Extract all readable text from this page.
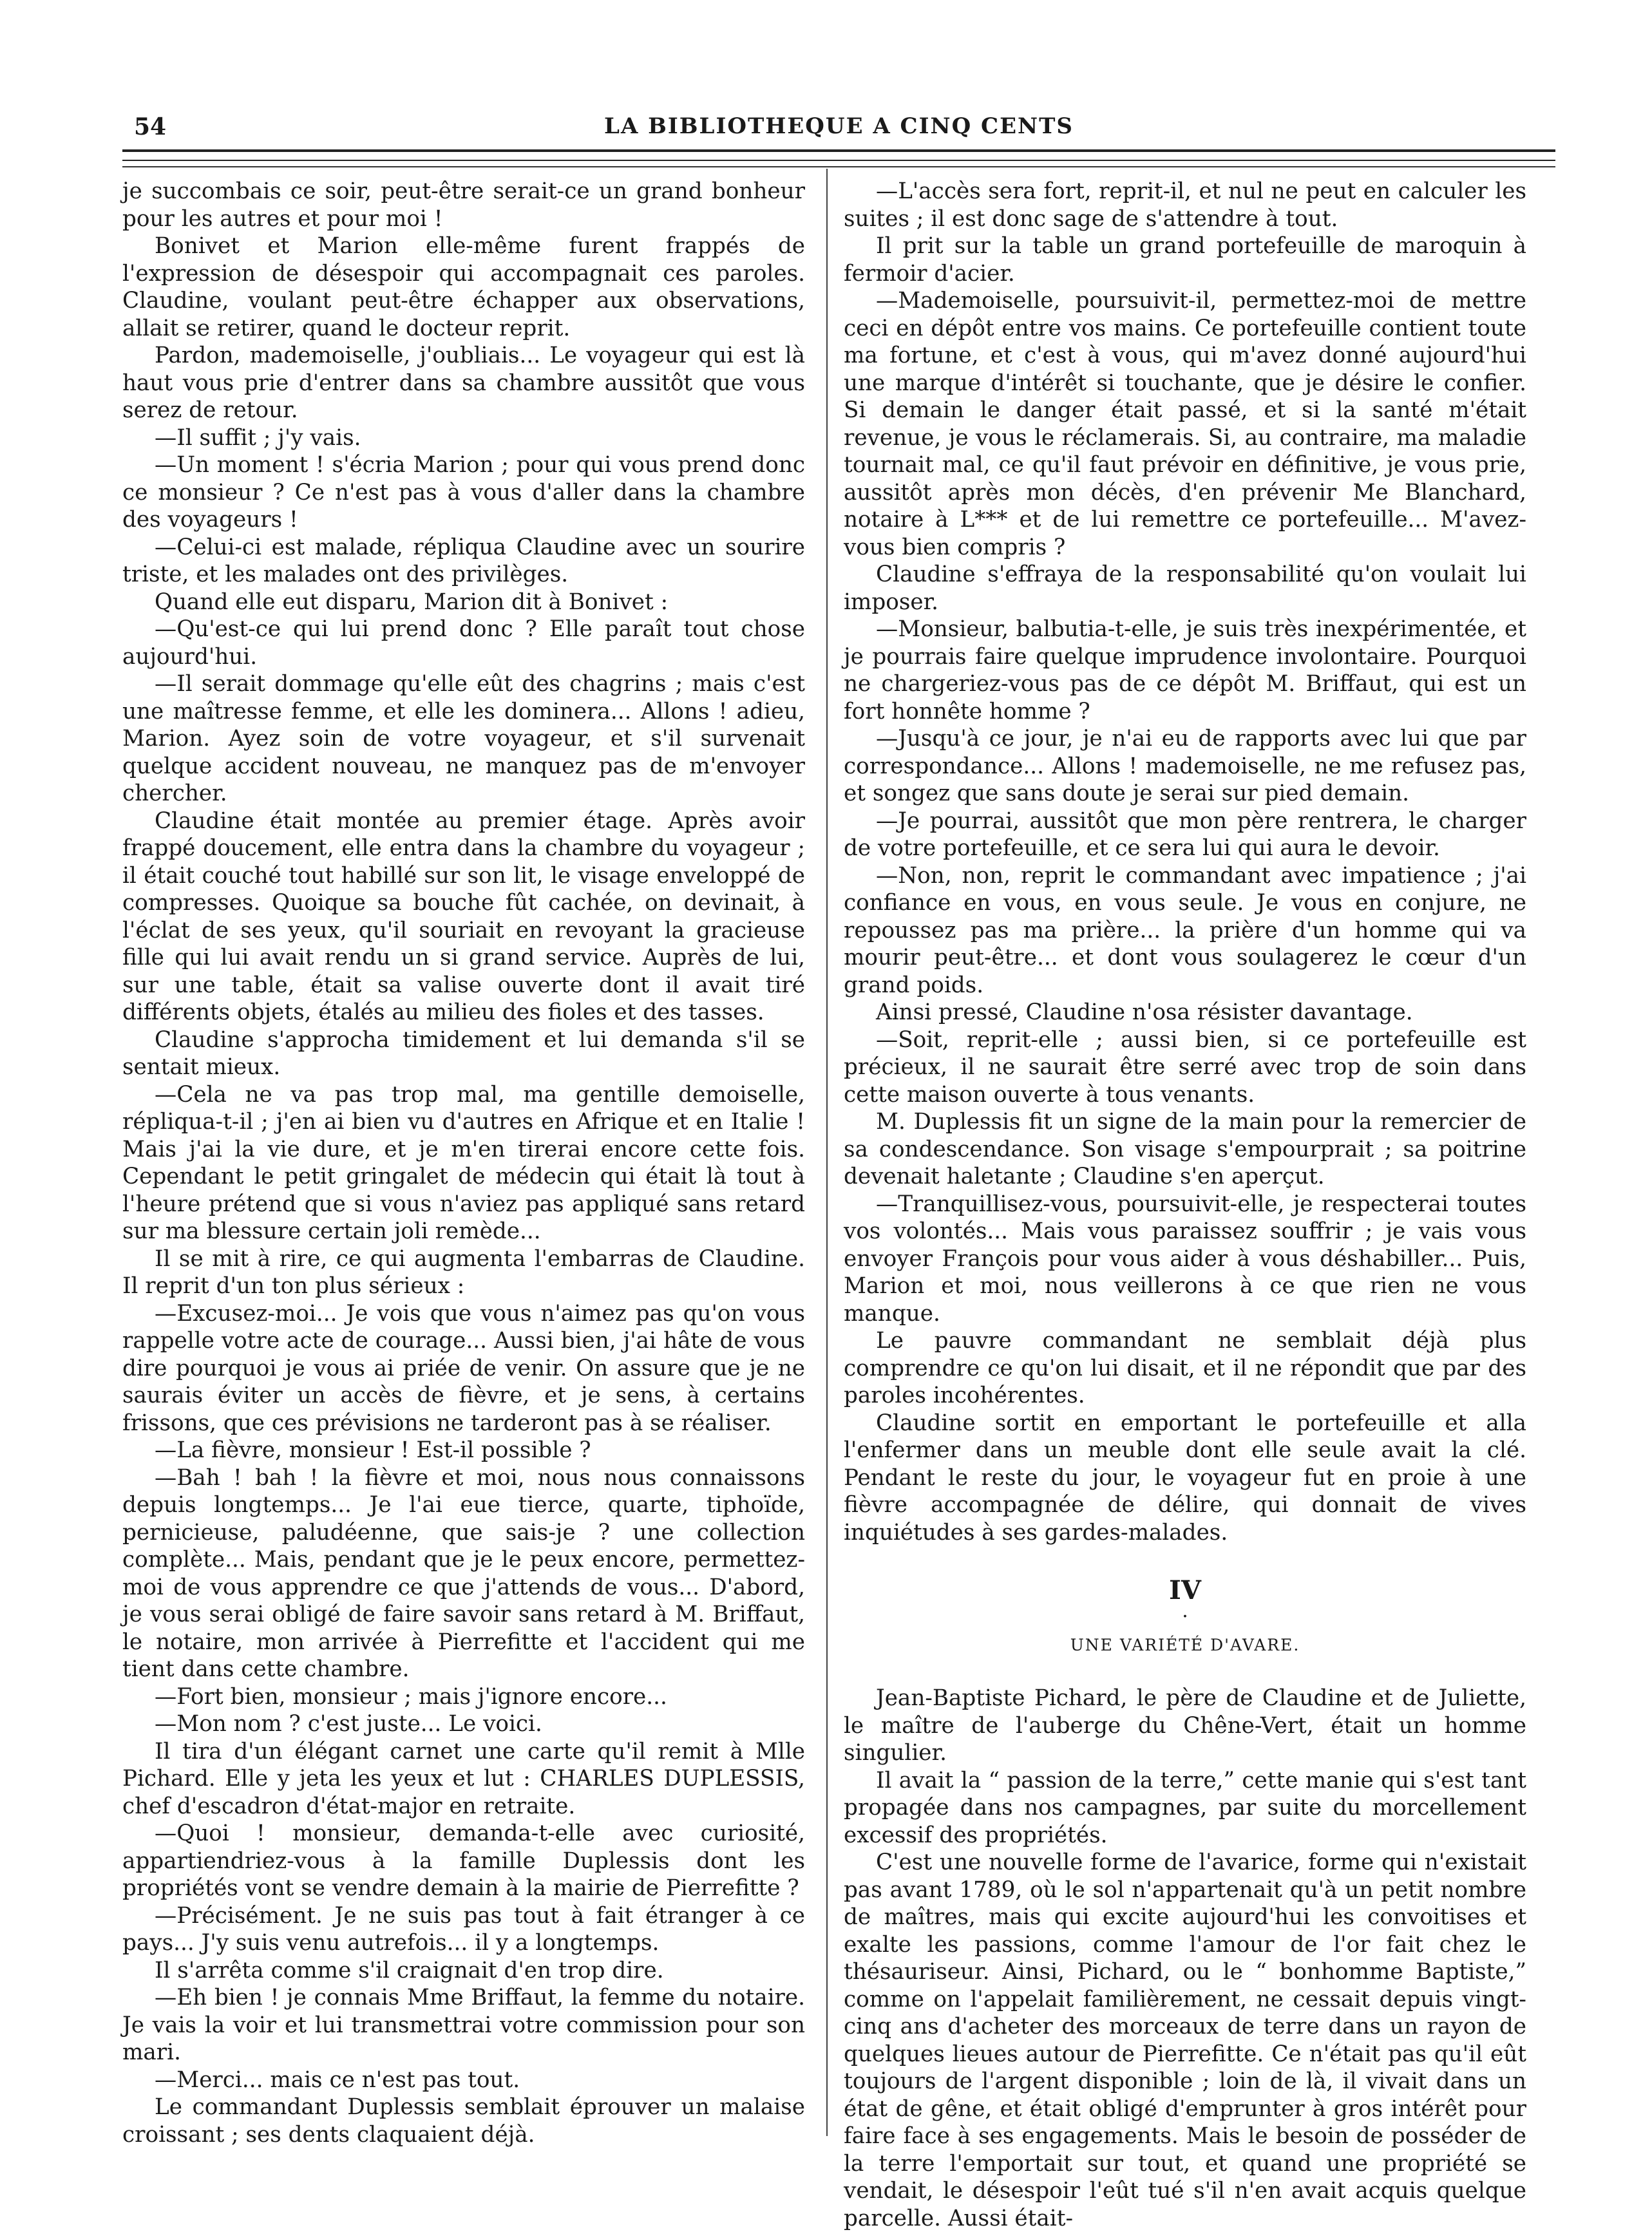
54	LA BIBLIOTHEQUE A CINQ CENTS

je succombais ce soir, peut-être serait-ce un grand bonheur pour les autres et pour moi !

Bonivet et Marion elle-même furent frappés de l'expression de désespoir qui accompagnait ces paroles. Claudine, voulant peut-être échapper aux observations, allait se retirer, quand le docteur reprit.

Pardon, mademoiselle, j'oubliais... Le voyageur qui est là haut vous prie d'entrer dans sa chambre aussitôt que vous serez de retour.

—Il suffit ; j'y vais.

—Un moment ! s'écria Marion ; pour qui vous prend donc ce monsieur ? Ce n'est pas à vous d'aller dans la chambre des voyageurs !

—Celui-ci est malade, répliqua Claudine avec un sourire triste, et les malades ont des privilèges.

Quand elle eut disparu, Marion dit à Bonivet :

—Qu'est-ce qui lui prend donc ? Elle paraît tout chose aujourd'hui.

—Il serait dommage qu'elle eût des chagrins ; mais c'est une maîtresse femme, et elle les dominera... Allons ! adieu, Marion. Ayez soin de votre voyageur, et s'il survenait quelque accident nouveau, ne manquez pas de m'envoyer chercher.

Claudine était montée au premier étage. Après avoir frappé doucement, elle entra dans la chambre du voyageur ; il était couché tout habillé sur son lit, le visage enveloppé de compresses. Quoique sa bouche fût cachée, on devinait, à l'éclat de ses yeux, qu'il souriait en revoyant la gracieuse fille qui lui avait rendu un si grand service. Auprès de lui, sur une table, était sa valise ouverte dont il avait tiré différents objets, étalés au milieu des fioles et des tasses.

Claudine s'approcha timidement et lui demanda s'il se sentait mieux.

—Cela ne va pas trop mal, ma gentille demoiselle, répliqua-t-il ; j'en ai bien vu d'autres en Afrique et en Italie ! Mais j'ai la vie dure, et je m'en tirerai encore cette fois. Cependant le petit gringalet de médecin qui était là tout à l'heure prétend que si vous n'aviez pas appliqué sans retard sur ma blessure certain joli remède...

Il se mit à rire, ce qui augmenta l'embarras de Claudine. Il reprit d'un ton plus sérieux :

—Excusez-moi... Je vois que vous n'aimez pas qu'on vous rappelle votre acte de courage... Aussi bien, j'ai hâte de vous dire pourquoi je vous ai priée de venir. On assure que je ne saurais éviter un accès de fièvre, et je sens, à certains frissons, que ces prévisions ne tarderont pas à se réaliser.

—La fièvre, monsieur ! Est-il possible ?

—Bah ! bah ! la fièvre et moi, nous nous connaissons depuis longtemps... Je l'ai eue tierce, quarte, tiphoïde, pernicieuse, paludéenne, que sais-je ? une collection complète... Mais, pendant que je le peux encore, permettez-moi de vous apprendre ce que j'attends de vous... D'abord, je vous serai obligé de faire savoir sans retard à M. Briffaut, le notaire, mon arrivée à Pierrefitte et l'accident qui me tient dans cette chambre.

—Fort bien, monsieur ; mais j'ignore encore...

—Mon nom ? c'est juste... Le voici.

Il tira d'un élégant carnet une carte qu'il remit à Mlle Pichard. Elle y jeta les yeux et lut : CHARLES DUPLESSIS, chef d'escadron d'état-major en retraite.

—Quoi ! monsieur, demanda-t-elle avec curiosité, appartiendriez-vous à la famille Duplessis dont les propriétés vont se vendre demain à la mairie de Pierrefitte ?

—Précisément. Je ne suis pas tout à fait étranger à ce pays... J'y suis venu autrefois... il y a longtemps.

Il s'arrêta comme s'il craignait d'en trop dire.

—Eh bien ! je connais Mme Briffaut, la femme du notaire. Je vais la voir et lui transmettrai votre commission pour son mari.

—Merci... mais ce n'est pas tout.

Le commandant Duplessis semblait éprouver un malaise croissant ; ses dents claquaient déjà.

—L'accès sera fort, reprit-il, et nul ne peut en calculer les suites ; il est donc sage de s'attendre à tout.

Il prit sur la table un grand portefeuille de maroquin à fermoir d'acier.

—Mademoiselle, poursuivit-il, permettez-moi de mettre ceci en dépôt entre vos mains. Ce portefeuille contient toute ma fortune, et c'est à vous, qui m'avez donné aujourd'hui une marque d'intérêt si touchante, que je désire le confier. Si demain le danger était passé, et si la santé m'était revenue, je vous le réclamerais. Si, au contraire, ma maladie tournait mal, ce qu'il faut prévoir en définitive, je vous prie, aussitôt après mon décès, d'en prévenir Me Blanchard, notaire à L*** et de lui remettre ce portefeuille... M'avez-vous bien compris ?

Claudine s'effraya de la responsabilité qu'on voulait lui imposer.

—Monsieur, balbutia-t-elle, je suis très inexpérimentée, et je pourrais faire quelque imprudence involontaire. Pourquoi ne chargeriez-vous pas de ce dépôt M. Briffaut, qui est un fort honnête homme ?

—Jusqu'à ce jour, je n'ai eu de rapports avec lui que par correspondance... Allons ! mademoiselle, ne me refusez pas, et songez que sans doute je serai sur pied demain.

—Je pourrai, aussitôt que mon père rentrera, le charger de votre portefeuille, et ce sera lui qui aura le devoir.

—Non, non, reprit le commandant avec impatience ; j'ai confiance en vous, en vous seule. Je vous en conjure, ne repoussez pas ma prière... la prière d'un homme qui va mourir peut-être... et dont vous soulagerez le cœur d'un grand poids.

Ainsi pressé, Claudine n'osa résister davantage.

—Soit, reprit-elle ; aussi bien, si ce portefeuille est précieux, il ne saurait être serré avec trop de soin dans cette maison ouverte à tous venants.

M. Duplessis fit un signe de la main pour la remercier de sa condescendance. Son visage s'empourprait ; sa poitrine devenait haletante ; Claudine s'en aperçut.

—Tranquillisez-vous, poursuivit-elle, je respecterai toutes vos volontés... Mais vous paraissez souffrir ; je vais vous envoyer François pour vous aider à vous déshabiller... Puis, Marion et moi, nous veillerons à ce que rien ne vous manque.

Le pauvre commandant ne semblait déjà plus comprendre ce qu'on lui disait, et il ne répondit que par des paroles incohérentes.

Claudine sortit en emportant le portefeuille et alla l'enfermer dans un meuble dont elle seule avait la clé. Pendant le reste du jour, le voyageur fut en proie à une fièvre accompagnée de délire, qui donnait de vives inquiétudes à ses gardes-malades.

IV
·
UNE VARIÉTÉ D'AVARE.

Jean-Baptiste Pichard, le père de Claudine et de Juliette, le maître de l'auberge du Chêne-Vert, était un homme singulier.

Il avait la “ passion de la terre,” cette manie qui s'est tant propagée dans nos campagnes, par suite du morcellement excessif des propriétés.

C'est une nouvelle forme de l'avarice, forme qui n'existait pas avant 1789, où le sol n'appartenait qu'à un petit nombre de maîtres, mais qui excite aujourd'hui les convoitises et exalte les passions, comme l'amour de l'or fait chez le thésauriseur. Ainsi, Pichard, ou le “ bonhomme Baptiste,” comme on l'appelait familièrement, ne cessait depuis vingt-cinq ans d'acheter des morceaux de terre dans un rayon de quelques lieues autour de Pierrefitte. Ce n'était pas qu'il eût toujours de l'argent disponible ; loin de là, il vivait dans un état de gêne, et était obligé d'emprunter à gros intérêt pour faire face à ses engagements. Mais le besoin de posséder de la terre l'emportait sur tout, et quand une propriété se vendait, le désespoir l'eût tué s'il n'en avait acquis quelque parcelle. Aussi était-
